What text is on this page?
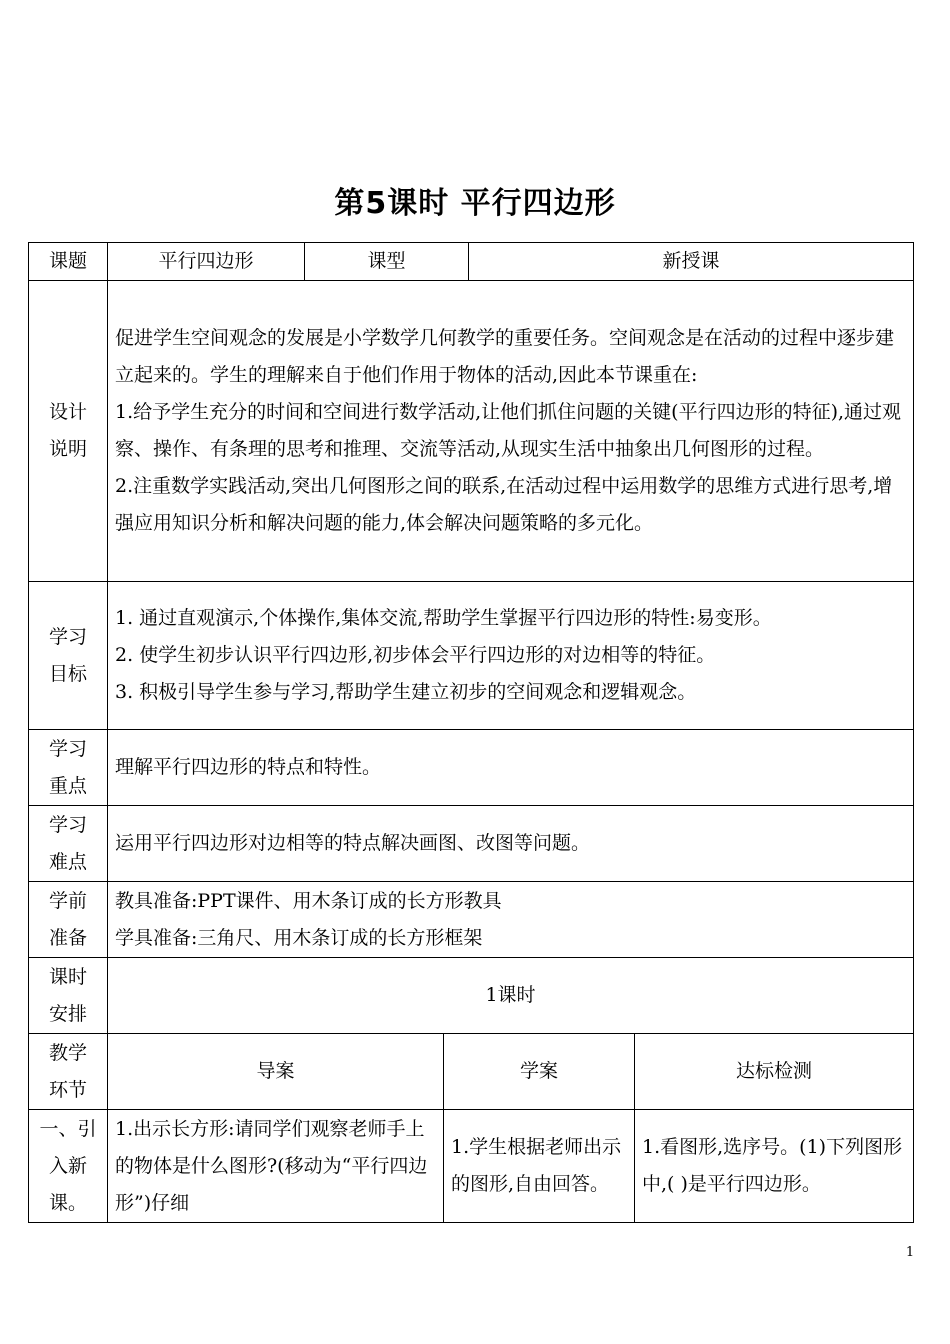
第5课时 平行四边形
课题	平行四边形	课型		新授课	

设计
说明	促进学生空间观念的发展是小学数学几何教学的重要任务。空间观念是在活动的过程中逐步建立起来的。学生的理解来自于他们作用于物体的活动,因此本节课重在:
1.给予学生充分的时间和空间进行数学活动,让他们抓住问题的关键(平行四边形的特征),通过观察、操作、有条理的思考和推理、交流等活动,从现实生活中抽象出几何图形的过程。
2.注重数学实践活动,突出几何图形之间的联系,在活动过程中运用数学的思维方式进行思考,增强应用知识分析和解决问题的能力,体会解决问题策略的多元化。				

学习
目标	1. 通过直观演示,个体操作,集体交流,帮助学生掌握平行四边形的特性:易变形。
2. 使学生初步认识平行四边形,初步体会平行四边形的对边相等的特征。
3. 积极引导学生参与学习,帮助学生建立初步的空间观念和逻辑观念。				

学习
重点	理解平行四边形的特点和特性。				

学习
难点	运用平行四边形对边相等的特点解决画图、改图等问题。				

学前
准备	教具准备:PPT课件、用木条订成的长方形教具
学具准备:三角尺、用木条订成的长方形框架				

课时
安排	1课时				

教学
环节	导案		学案		达标检测
一、引入新课。	1.出示长方形:请同学们观察老师手上的物体是什么图形?(移动为“平行四边形”)仔细		1.学生根据老师出示的图形,自由回答。		1.看图形,选序号。(1)下列图形中,( )是平行四边形。
1
